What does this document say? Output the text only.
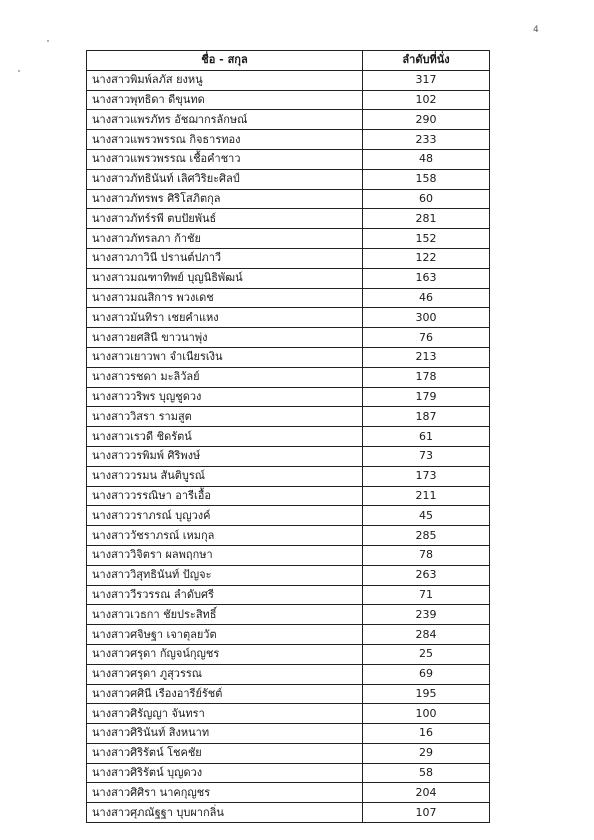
4
ชื่อ - สกุล	ลำดับที่นั่ง
นางสาวพิมพ์ลภัส ยงหนู	317
นางสาวพุทธิดา ดีขุนทด	102
นางสาวแพรภัทร อัชฌากรลักษณ์	290
นางสาวแพรวพรรณ กิจธารทอง	233
นางสาวแพรวพรรณ เชื้อคำชาว	48
นางสาวภัทธินันท์ เลิศวิริยะศิลป์	158
นางสาวภัทรพร ศิริโสภิตกุล	60
นางสาวภัทร์รพี ตบปัยพันธ์	281
นางสาวภัทรลภา ก้าชัย	152
นางสาวภาวินี ปรานต์ปภาวี	122
นางสาวมณฑาทิพย์ บุญนิธิพัฒน์	163
นางสาวมณสิการ พวงเดช	46
นางสาวมันทิรา เชยคำแหง	300
นางสาวยศสินี ขาวนาพุ่ง	76
นางสาวเยาวพา จำเนียรเงิน	213
นางสาวรชดา มะลิวัลย์	178
นางสาววริพร บุญชูดวง	179
นางสาววิสรา รามสูต	187
นางสาวเรวดี ชิดรัตน์	61
นางสาววรพิมพ์ ศิริพงษ์	73
นางสาววรมน สันติบูรณ์	173
นางสาววรรณิษา อารีเอื้อ	211
นางสาววราภรณ์ บุญวงค์	45
นางสาววัชราภรณ์ เหมกุล	285
นางสาววิจิตรา ผลพฤกษา	78
นางสาววิสุทธินันท์ ปัญจะ	263
นางสาววีรวรรณ ลำดับศรี	71
นางสาวเวธกา ชัยประสิทธิ์	239
นางสาวศจิษฐา เจาตุลยวัต	284
นางสาวศรุดา กัญจน์กุญชร	25
นางสาวศรุดา ภูสุวรรณ	69
นางสาวศศินี เรืองอารีย์รัชต์	195
นางสาวศิรัญญา จันทรา	100
นางสาวศิรินันท์ สิงหนาท	16
นางสาวศิริรัตน์ โชคชัย	29
นางสาวศิริรัตน์ บุญดวง	58
นางสาวศิศิรา นาคกุญชร	204
นางสาวศุภณัฐฐา บุบผากลิ่น	107
